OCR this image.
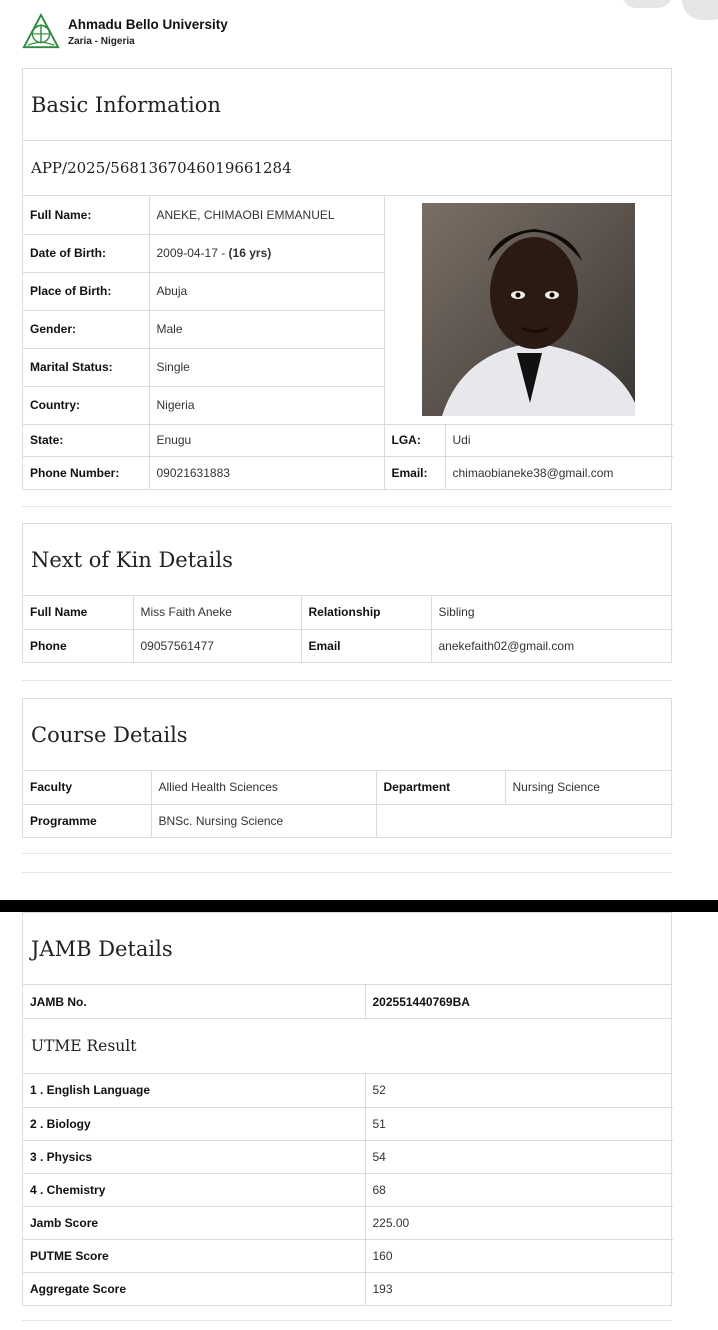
Ahmadu Bello University
Zaria - Nigeria
Basic Information
APP/2025/5681367046019661284
Full Name:	ANEKE, CHIMAOBI EMMANUEL	

Date of Birth:	2009-04-17 - (16 yrs)		
Place of Birth:	Abuja		
Gender:	Male		
Marital Status:	Single		
Country:	Nigeria		
State:	Enugu	LGA:	Udi
Phone Number:	09021631883	Email:	chimaobianeke38@gmail.com
Next of Kin Details
Full Name	Miss Faith Aneke	Relationship	Sibling
Phone	09057561477	Email	anekefaith02@gmail.com
Course Details
Faculty	Allied Health Sciences	Department	Nursing Science
Programme	BNSc. Nursing Science		
JAMB Details
JAMB No.	202551440769BA
UTME Result
1 . English Language	52
2 . Biology	51
3 . Physics	54
4 . Chemistry	68
Jamb Score	225.00
PUTME Score	160
Aggregate Score	193
